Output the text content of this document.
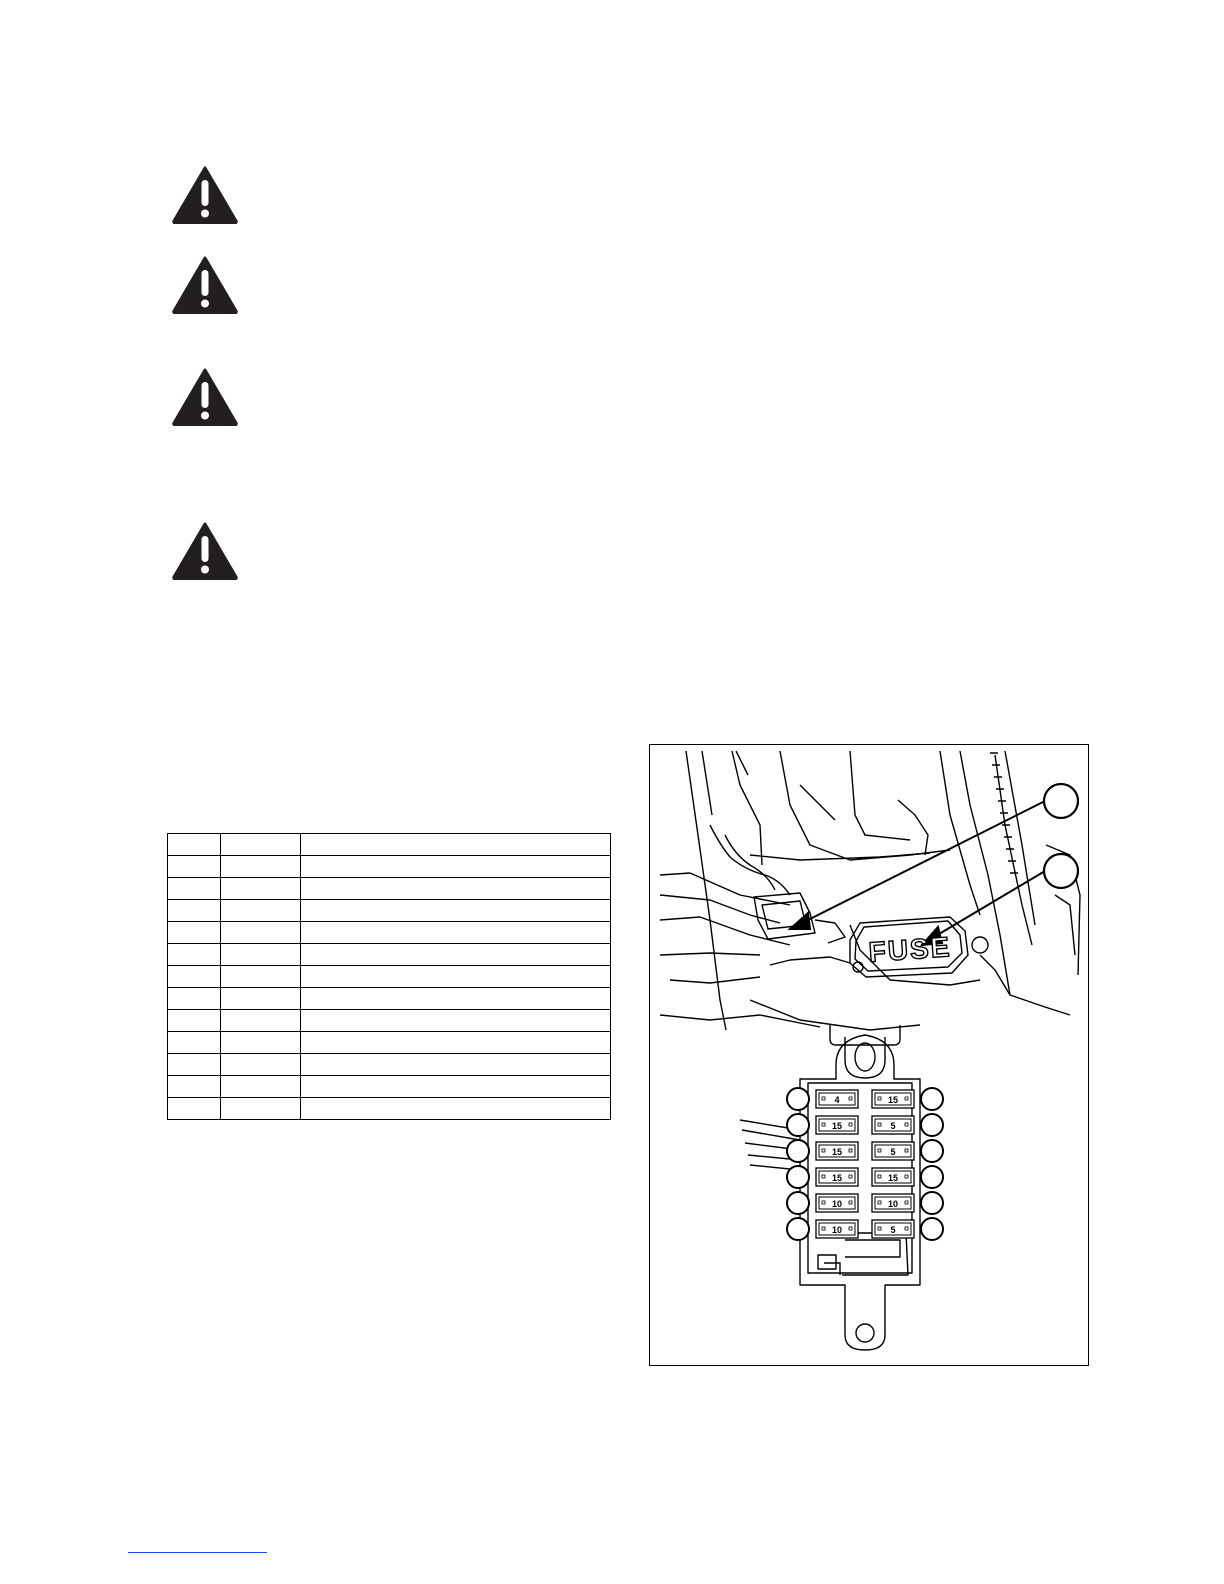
FUSE
4
15
15
15
10
10
15
5
5
15
10
5
